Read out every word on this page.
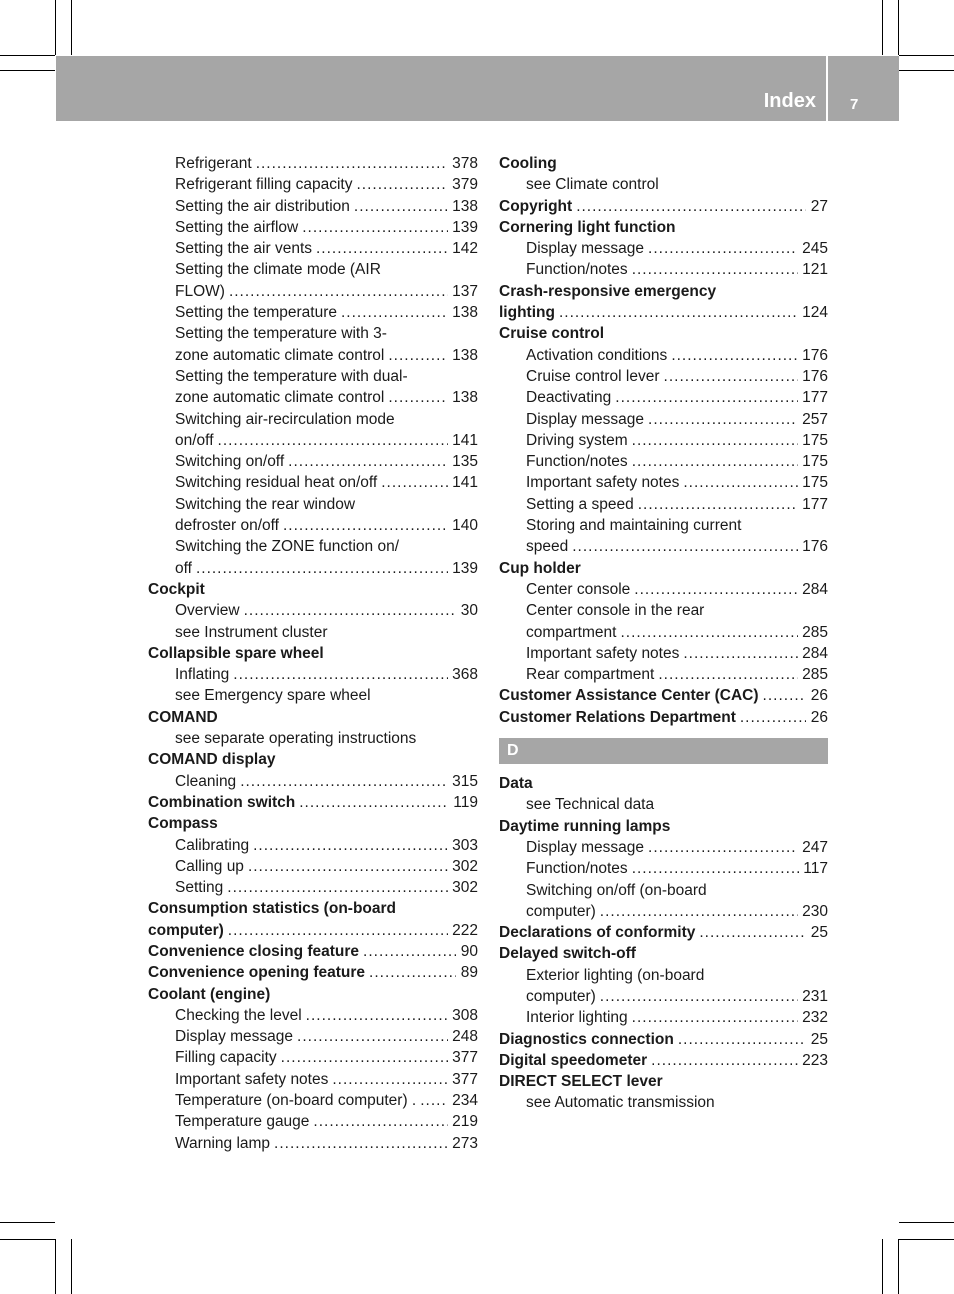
Index 7
Refrigerant .....	378
Refrigerant filling capacity .....	379
Setting the air distribution .....	138
Setting the airflow .....	139
Setting the air vents .....	142
Setting the climate mode (AIR
FLOW) .....	137
Setting the temperature .....	138
Setting the temperature with 3-
zone automatic climate control .....	138
Setting the temperature with dual-
zone automatic climate control .....	138
Switching air-recirculation mode
on/off .....	141
Switching on/off .....	135
Switching residual heat on/off .....	141
Switching the rear window
defroster on/off .....	140
Switching the ZONE function on/
off .....	139
Cockpit
Overview .....	30
see Instrument cluster
Collapsible spare wheel
Inflating .....	368
see Emergency spare wheel
COMAND
see separate operating instructions
COMAND display
Cleaning .....	315
Combination switch .....	119
Compass
Calibrating .....	303
Calling up .....	302
Setting .....	302
Consumption statistics (on-board
computer) .....	222
Convenience closing feature .....	90
Convenience opening feature .....	89
Coolant (engine)
Checking the level .....	308
Display message .....	248
Filling capacity .....	377
Important safety notes .....	377
Temperature (on-board computer) . ..... 234
Temperature gauge .....	219
Warning lamp .....	273
Cooling
see Climate control
Copyright .....	27
Cornering light function
Display message .....	245
Function/notes .....	121
Crash-responsive emergency
lighting .....	124
Cruise control
Activation conditions .....	176
Cruise control lever .....	176
Deactivating .....	177
Display message .....	257
Driving system .....	175
Function/notes .....	175
Important safety notes .....	175
Setting a speed .....	177
Storing and maintaining current
speed .....	176
Cup holder
Center console .....	284
Center console in the rear
compartment .....	285
Important safety notes .....	284
Rear compartment .....	285
Customer Assistance Center (CAC) .....	26
Customer Relations Department .....	26
D
Data
see Technical data
Daytime running lamps
Display message .....	247
Function/notes .....	117
Switching on/off (on-board
computer) .....	230
Declarations of conformity .....	25
Delayed switch-off
Exterior lighting (on-board
computer) .....	231
Interior lighting .....	232
Diagnostics connection .....	25
Digital speedometer .....	223
DIRECT SELECT lever
see Automatic transmission
